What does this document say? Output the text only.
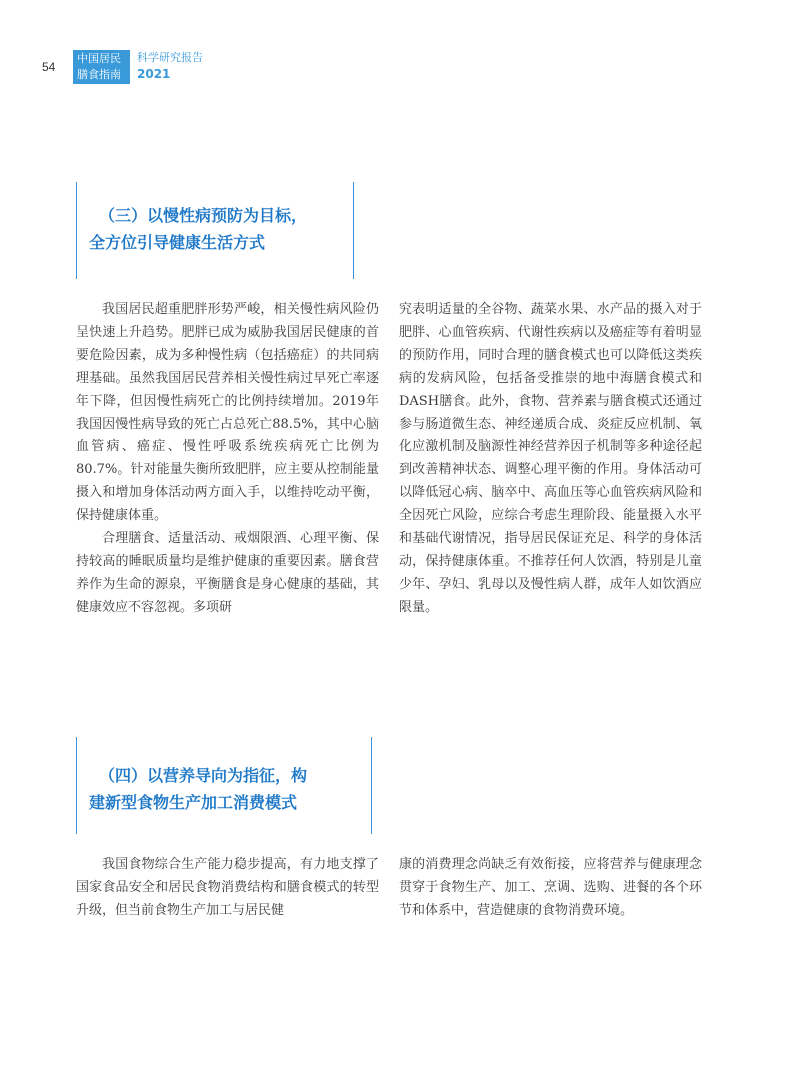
54
中国居民
膳食指南
科学研究报告
2021
（三）以慢性病预防为目标，
全方位引导健康生活方式

我国居民超重肥胖形势严峻，相关慢性病风险仍呈快速上升趋势。肥胖已成为威胁我国居民健康的首要危险因素，成为多种慢性病（包括癌症）的共同病理基础。虽然我国居民营养相关慢性病过早死亡率逐年下降，但因慢性病死亡的比例持续增加。2019年我国因慢性病导致的死亡占总死亡88.5%，其中心脑血管病、癌症、慢性呼吸系统疾病死亡比例为80.7%。针对能量失衡所致肥胖，应主要从控制能量摄入和增加身体活动两方面入手，以维持吃动平衡，保持健康体重。

合理膳食、适量活动、戒烟限酒、心理平衡、保持较高的睡眠质量均是维护健康的重要因素。膳食营养作为生命的源泉，平衡膳食是身心健康的基础，其健康效应不容忽视。多项研

究表明适量的全谷物、蔬菜水果、水产品的摄入对于肥胖、心血管疾病、代谢性疾病以及癌症等有着明显的预防作用，同时合理的膳食模式也可以降低这类疾病的发病风险，包括备受推崇的地中海膳食模式和DASH膳食。此外，食物、营养素与膳食模式还通过参与肠道微生态、神经递质合成、炎症反应机制、氧化应激机制及脑源性神经营养因子机制等多种途径起到改善精神状态、调整心理平衡的作用。身体活动可以降低冠心病、脑卒中、高血压等心血管疾病风险和全因死亡风险，应综合考虑生理阶段、能量摄入水平和基础代谢情况，指导居民保证充足、科学的身体活动，保持健康体重。不推荐任何人饮酒，特别是儿童少年、孕妇、乳母以及慢性病人群，成年人如饮酒应限量。

（四）以营养导向为指征，构
建新型食物生产加工消费模式

我国食物综合生产能力稳步提高，有力地支撑了国家食品安全和居民食物消费结构和膳食模式的转型升级，但当前食物生产加工与居民健

康的消费理念尚缺乏有效衔接，应将营养与健康理念贯穿于食物生产、加工、烹调、选购、进餐的各个环节和体系中，营造健康的食物消费环境。
